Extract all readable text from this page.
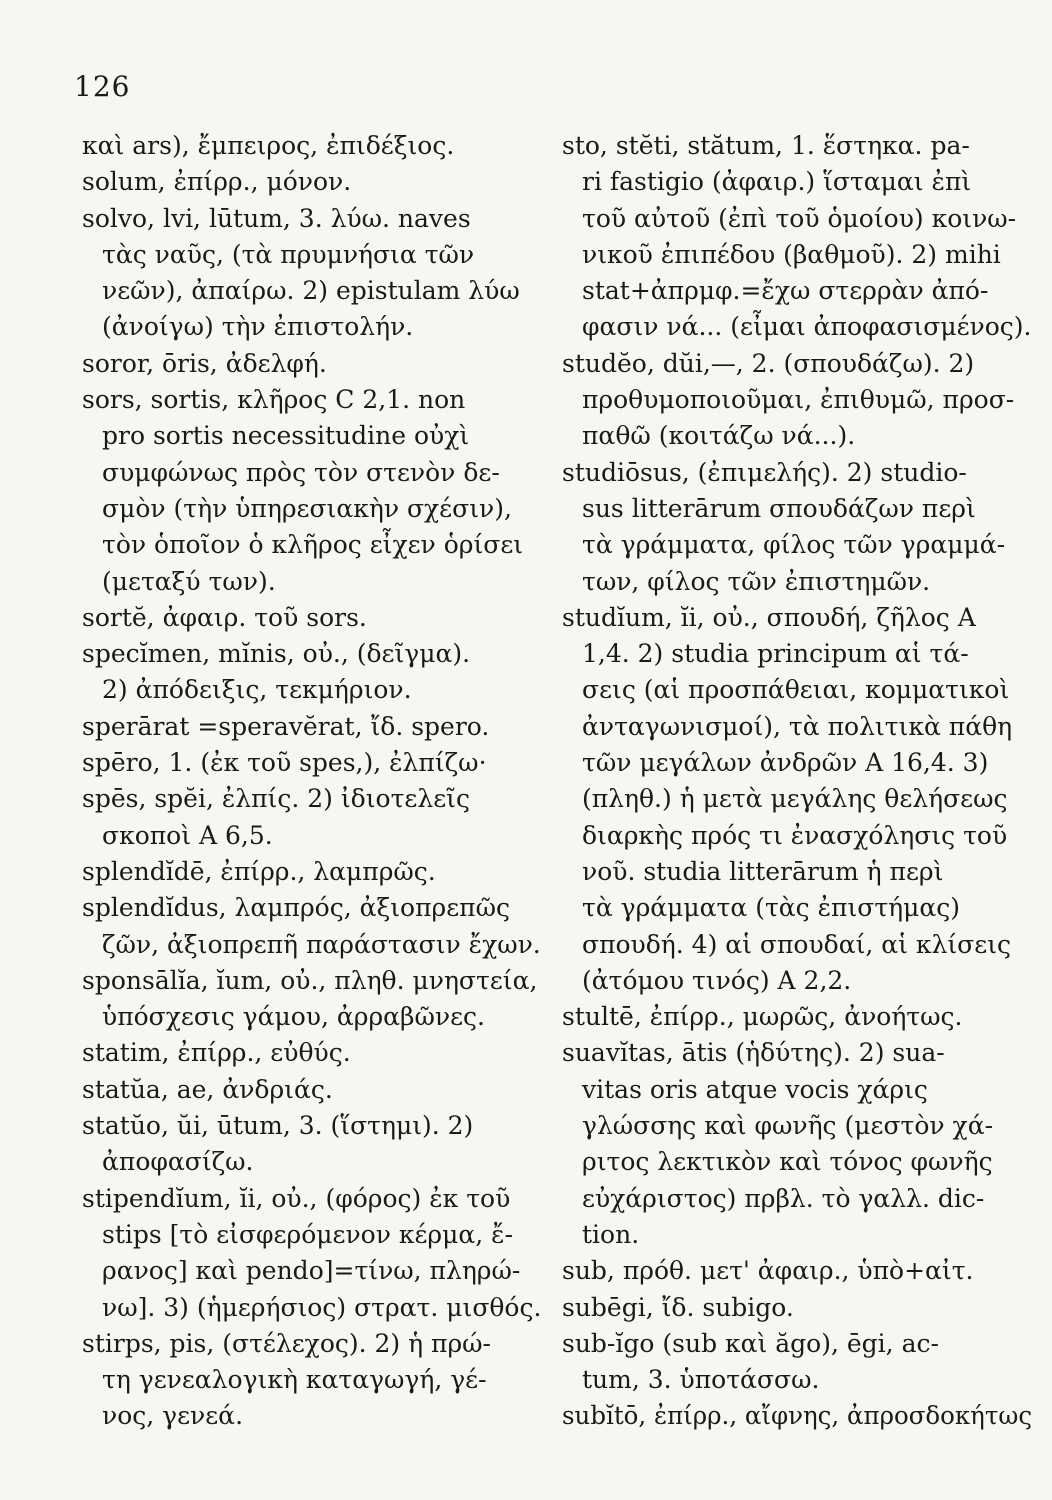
126
καὶ ars), ἔμπειρος, ἐπιδέξιος.
solum, ἐπίρρ., μόνον.
solvo, lvi, lūtum, 3. λύω. naves
τὰς ναῦς, (τὰ πρυμνήσια τῶν
νεῶν), ἀπαίρω. 2) epistulam λύω
(ἀνοίγω) τὴν ἐπιστολήν.
soror, ōris, ἀδελφή.
sors, sortis, κλῆρος C 2,1. non
pro sortis necessitudine οὐχὶ
συμφώνως πρὸς τὸν στενὸν δε-
σμὸν (τὴν ὑπηρεσιακὴν σχέσιν),
τὸν ὁποῖον ὁ κλῆρος εἶχεν ὁρίσει
(μεταξύ των).
sortĕ, ἀφαιρ. τοῦ sors.
specĭmen, mĭnis, οὐ., (δεῖγμα).
2) ἀπόδειξις, τεκμήριον.
sperārat =speravĕrat, ἴδ. spero.
spēro, 1. (ἐκ τοῦ spes,), ἐλπίζω·
spēs, spĕi, ἐλπίς. 2) ἰδιοτελεῖς
σκοποὶ A 6,5.
splendĭdē, ἐπίρρ., λαμπρῶς.
splendĭdus, λαμπρός, ἀξιοπρεπῶς
ζῶν, ἀξιοπρεπῆ παράστασιν ἔχων.
sponsālĭa, ĭum, οὐ., πληθ. μνηστεία,
ὑπόσχεσις γάμου, ἀρραβῶνες.
statim, ἐπίρρ., εὐθύς.
statŭa, ae, ἀνδριάς.
statŭo, ŭi, ūtum, 3. (ἵστημι). 2)
ἀποφασίζω.
stipendĭum, ĭi, οὐ., (φόρος) ἐκ τοῦ
stips [τὸ εἰσφερόμενον κέρμα, ἔ-
ρανος] καὶ pendo]=τίνω, πληρώ-
νω]. 3) (ἡμερήσιος) στρατ. μισθός.
stirps, pis, (στέλεχος). 2) ἡ πρώ-
τη γενεαλογικὴ καταγωγή, γέ-
νος, γενεά.
sto, stĕti, stătum, 1. ἕστηκα. pa-
ri fastigio (ἀφαιρ.) ἵσταμαι ἐπὶ
τοῦ αὐτοῦ (ἐπὶ τοῦ ὁμοίου) κοινω-
νικοῦ ἐπιπέδου (βαθμοῦ). 2) mihi
stat+ἀπρμφ.=ἔχω στερρὰν ἀπό-
φασιν νά... (εἶμαι ἀποφασισμένος).
studĕo, dŭi,—, 2. (σπουδάζω). 2)
προθυμοποιοῦμαι, ἐπιθυμῶ, προσ-
παθῶ (κοιτάζω νά...).
studiōsus, (ἐπιμελής). 2) studio-
sus litterārum σπουδάζων περὶ
τὰ γράμματα, φίλος τῶν γραμμά-
των, φίλος τῶν ἐπιστημῶν.
studĭum, ĭi, οὐ., σπουδή, ζῆλος A
1,4. 2) studia principum αἱ τά-
σεις (αἱ προσπάθειαι, κομματικοὶ
ἀνταγωνισμοί), τὰ πολιτικὰ πάθη
τῶν μεγάλων ἀνδρῶν A 16,4. 3)
(πληθ.) ἡ μετὰ μεγάλης θελήσεως
διαρκὴς πρός τι ἐνασχόλησις τοῦ
νοῦ. studia litterārum ἡ περὶ
τὰ γράμματα (τὰς ἐπιστήμας)
σπουδή. 4) αἱ σπουδαί, αἱ κλίσεις
(ἀτόμου τινός) A 2,2.
stultē, ἐπίρρ., μωρῶς, ἀνοήτως.
suavĭtas, ātis (ἡδύτης). 2) sua-
vitas oris atque vocis χάρις
γλώσσης καὶ φωνῆς (μεστὸν χά-
ριτος λεκτικὸν καὶ τόνος φωνῆς
εὐχάριστος) πρβλ. τὸ γαλλ. dic-
tion.
sub, πρόθ. μετ' ἀφαιρ., ὑπὸ+αἰτ.
subēgi, ἴδ. subigo.
sub-ĭgo (sub καὶ ăgo), ēgi, ac-
tum, 3. ὑποτάσσω.
subĭtō, ἐπίρρ., αἴφνης, ἀπροσδοκήτως
